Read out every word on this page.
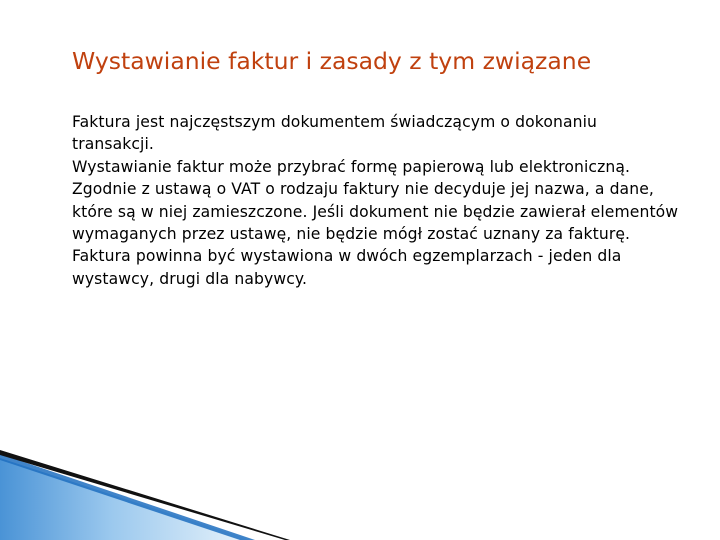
Wystawianie faktur i zasady z tym związane
Faktura jest najczęstszym dokumentem świadczącym o dokonaniu transakcji.
Wystawianie faktur może przybrać formę papierową lub elektroniczną.
Zgodnie z ustawą o VAT o rodzaju faktury nie decyduje jej nazwa, a dane, które są w niej zamieszczone. Jeśli dokument nie będzie zawierał elementów wymaganych przez ustawę, nie będzie mógł zostać uznany za fakturę.
Faktura powinna być wystawiona w dwóch egzemplarzach - jeden dla wystawcy, drugi dla nabywcy.
